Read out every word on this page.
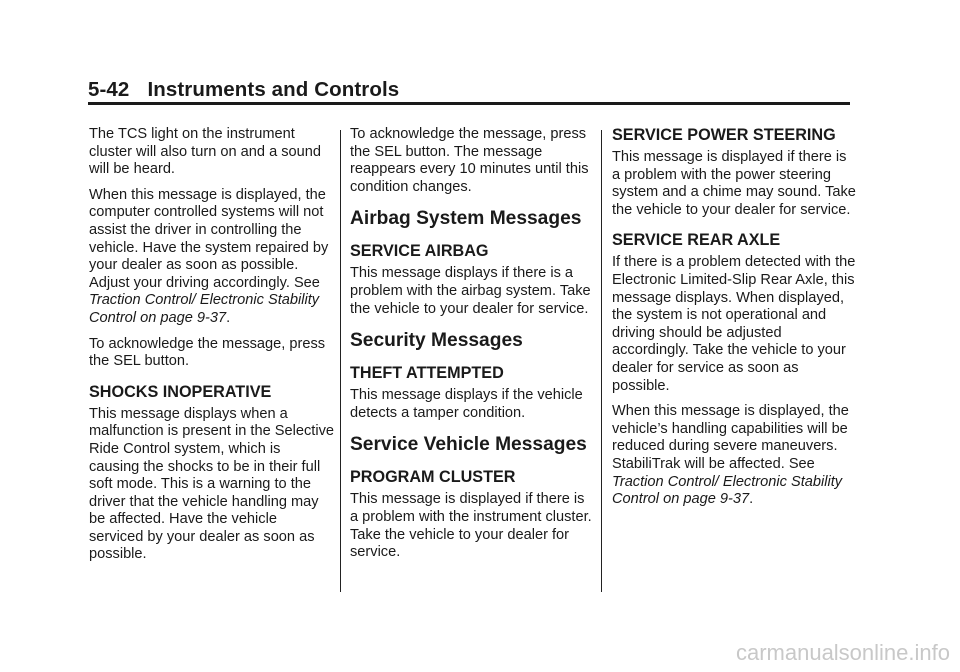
5-42 Instruments and Controls

The TCS light on the instrument cluster will also turn on and a sound will be heard.

When this message is displayed, the computer controlled systems will not assist the driver in controlling the vehicle. Have the system repaired by your dealer as soon as possible. Adjust your driving accordingly. See Traction Control/ Electronic Stability Control on page 9-37.

To acknowledge the message, press the SEL button.

SHOCKS INOPERATIVE

This message displays when a malfunction is present in the Selective Ride Control system, which is causing the shocks to be in their full soft mode. This is a warning to the driver that the vehicle handling may be affected. Have the vehicle serviced by your dealer as soon as possible.

To acknowledge the message, press the SEL button. The message reappears every 10 minutes until this condition changes.

Airbag System Messages
SERVICE AIRBAG

This message displays if there is a problem with the airbag system. Take the vehicle to your dealer for service.

Security Messages
THEFT ATTEMPTED

This message displays if the vehicle detects a tamper condition.

Service Vehicle Messages
PROGRAM CLUSTER

This message is displayed if there is a problem with the instrument cluster. Take the vehicle to your dealer for service.

SERVICE POWER STEERING

This message is displayed if there is a problem with the power steering system and a chime may sound. Take the vehicle to your dealer for service.

SERVICE REAR AXLE

If there is a problem detected with the Electronic Limited-Slip Rear Axle, this message displays. When displayed, the system is not operational and driving should be adjusted accordingly. Take the vehicle to your dealer for service as soon as possible.

When this message is displayed, the vehicle’s handling capabilities will be reduced during severe maneuvers. StabiliTrak will be affected. See Traction Control/ Electronic Stability Control on page 9-37.

carmanualsonline.info
